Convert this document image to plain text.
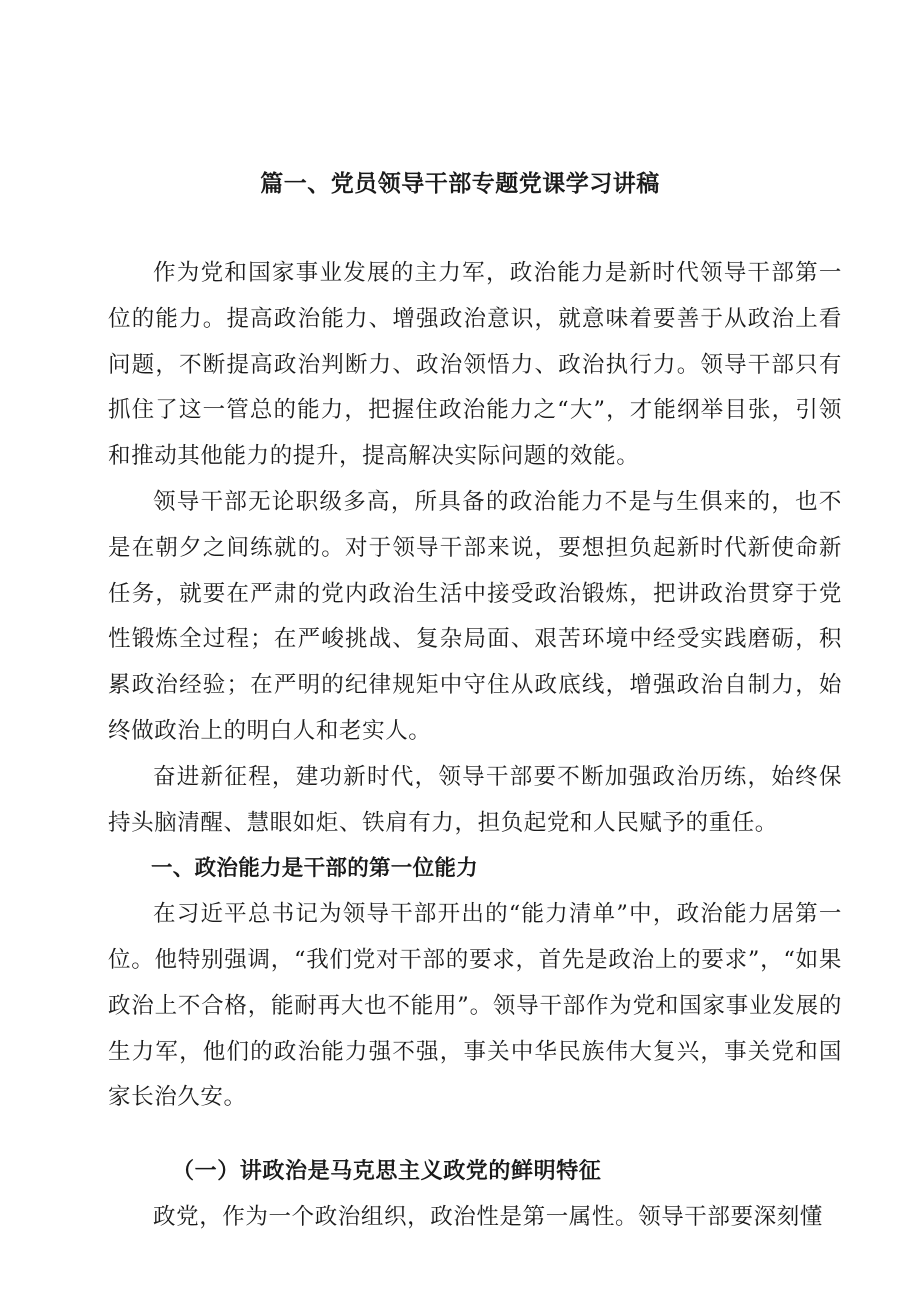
篇一、党员领导干部专题党课学习讲稿

作为党和国家事业发展的主力军，政治能力是新时代领导干部第一位的能力。提高政治能力、增强政治意识，就意味着要善于从政治上看问题，不断提高政治判断力、政治领悟力、政治执行力。领导干部只有抓住了这一管总的能力，把握住政治能力之“大”，才能纲举目张，引领和推动其他能力的提升，提高解决实际问题的效能。

领导干部无论职级多高，所具备的政治能力不是与生俱来的，也不是在朝夕之间练就的。对于领导干部来说，要想担负起新时代新使命新任务，就要在严肃的党内政治生活中接受政治锻炼，把讲政治贯穿于党性锻炼全过程；在严峻挑战、复杂局面、艰苦环境中经受实践磨砺，积累政治经验；在严明的纪律规矩中守住从政底线，增强政治自制力，始终做政治上的明白人和老实人。

奋进新征程，建功新时代，领导干部要不断加强政治历练，始终保持头脑清醒、慧眼如炬、铁肩有力，担负起党和人民赋予的重任。

一、政治能力是干部的第一位能力

在习近平总书记为领导干部开出的“能力清单”中，政治能力居第一位。他特别强调，“我们党对干部的要求，首先是政治上的要求”，“如果政治上不合格，能耐再大也不能用”。领导干部作为党和国家事业发展的生力军，他们的政治能力强不强，事关中华民族伟大复兴，事关党和国家长治久安。

（一）讲政治是马克思主义政党的鲜明特征

政党，作为一个政治组织，政治性是第一属性。领导干部要深刻懂
